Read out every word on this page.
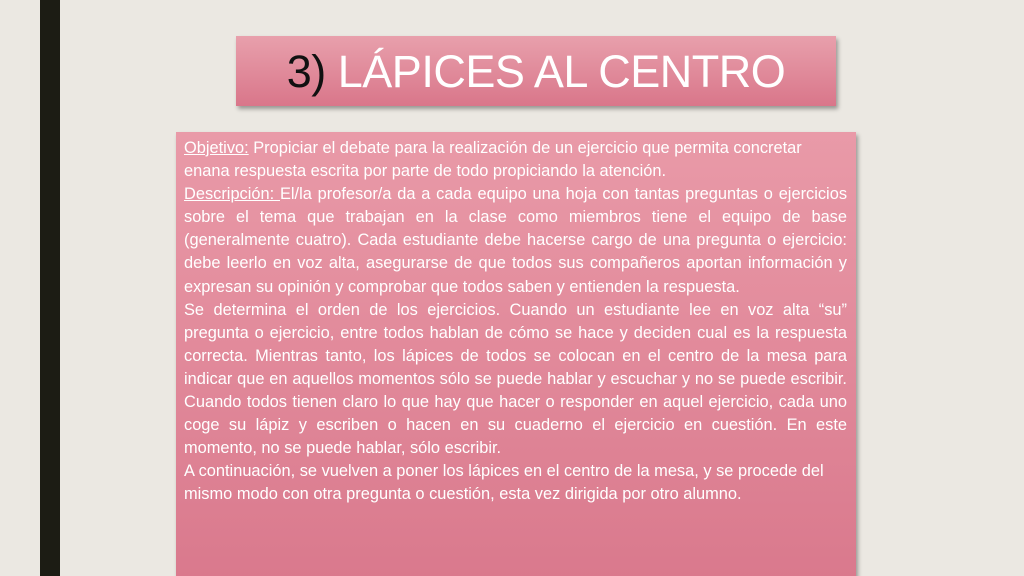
3) LÁPICES AL CENTRO

Objetivo: Propiciar el debate para la realización de un ejercicio que permita concretar enana respuesta escrita por parte de todo propiciando la atención.

Descripción: El/la profesor/a da a cada equipo una hoja con tantas preguntas o ejercicios sobre el tema que trabajan en la clase como miembros tiene el equipo de base (generalmente cuatro). Cada estudiante debe hacerse cargo de una pregunta o ejercicio: debe leerlo en voz alta, asegurarse de que todos sus compañeros aportan información y expresan su opinión y comprobar que todos saben y entienden la respuesta.

Se determina el orden de los ejercicios. Cuando un estudiante lee en voz alta “su” pregunta o ejercicio, entre todos hablan de cómo se hace y deciden cual es la respuesta correcta. Mientras tanto, los lápices de todos se colocan en el centro de la mesa para indicar que en aquellos momentos sólo se puede hablar y escuchar y no se puede escribir. Cuando todos tienen claro lo que hay que hacer o responder en aquel ejercicio, cada uno coge su lápiz y escriben o hacen en su cuaderno el ejercicio en cuestión. En este momento, no se puede hablar, sólo escribir.

A continuación, se vuelven a poner los lápices en el centro de la mesa, y se procede del mismo modo con otra pregunta o cuestión, esta vez dirigida por otro alumno.
